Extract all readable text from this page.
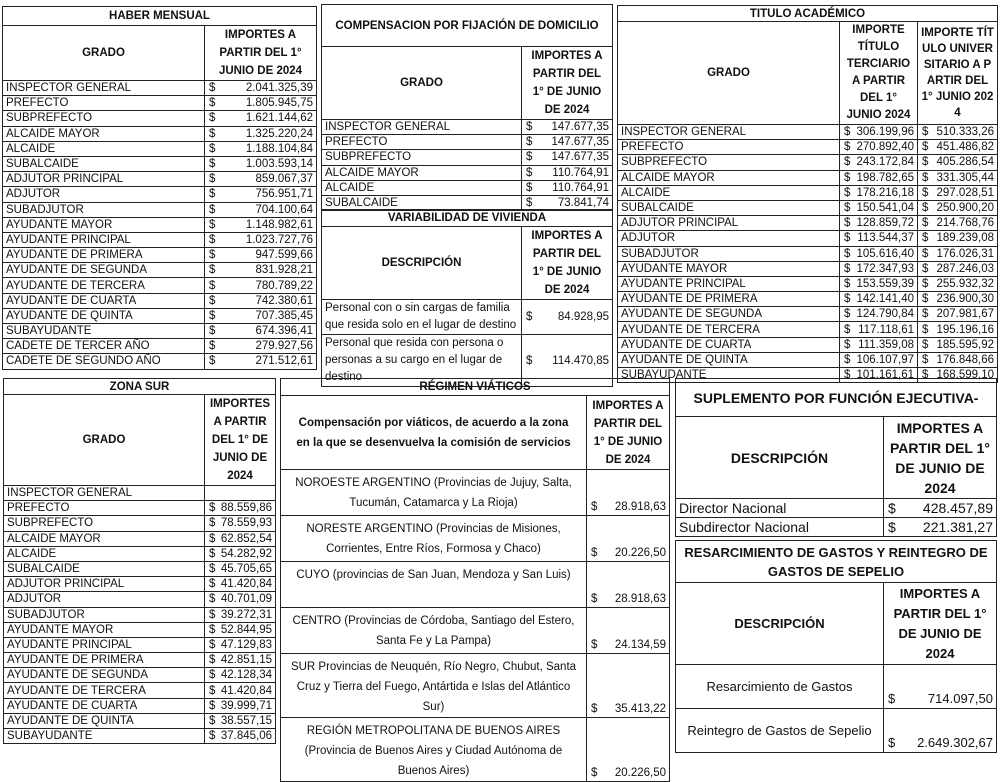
HABER MENSUAL	
GRADO	IMPORTES A PARTIR DEL 1° JUNIO DE 2024
INSPECTOR GENERAL	$ 2.041.325,39
PREFECTO	$ 1.805.945,75
SUBPREFECTO	$ 1.621.144,62
ALCAIDE MAYOR	$ 1.325.220,24
ALCAIDE	$ 1.188.104,84
SUBALCAIDE	$ 1.003.593,14
ADJUTOR PRINCIPAL	$ 859.067,37
ADJUTOR	$ 756.951,71
SUBADJUTOR	$ 704.100,64
AYUDANTE MAYOR	$ 1.148.982,61
AYUDANTE PRINCIPAL	$ 1.023.727,76
AYUDANTE DE PRIMERA	$ 947.599,66
AYUDANTE DE SEGUNDA	$ 831.928,21
AYUDANTE DE TERCERA	$ 780.789,22
AYUDANTE DE CUARTA	$ 742.380,61
AYUDANTE DE QUINTA	$ 707.385,45
SUBAYUDANTE	$ 674.396,41
CADETE DE TERCER AÑO	$ 279.927,56
CADETE DE SEGUNDO AÑO	$ 271.512,61
COMPENSACION POR FIJACIÓN DE DOMICILIO	
GRADO	IMPORTES A PARTIR DEL 1° DE JUNIO DE 2024
INSPECTOR GENERAL	$ 147.677,35
PREFECTO	$ 147.677,35
SUBPREFECTO	$ 147.677,35
ALCAIDE MAYOR	$ 110.764,91
ALCAIDE	$ 110.764,91
SUBALCAIDE	$ 73.841,74
VARIABILIDAD DE VIVIENDA	
DESCRIPCIÓN	IMPORTES A PARTIR DEL 1° DE JUNIO DE 2024
Personal con o sin cargas de familia que resida solo en el lugar de destino	$ 84.928,95
Personal que resida con persona o personas a su cargo en el lugar de destino	$ 114.470,85
TITULO ACADÉMICO		
GRADO	IMPORTE TÍTULO TERCIARIO A PARTIR DEL 1° JUNIO 2024	IMPORTE TÍTULO UNIVERSITARIO A PARTIR DEL 1° JUNIO 2024
INSPECTOR GENERAL	$ 306.199,96	$ 510.333,26
PREFECTO	$ 270.892,40	$ 451.486,82
SUBPREFECTO	$ 243.172,84	$ 405.286,54
ALCAIDE MAYOR	$ 198.782,65	$ 331.305,44
ALCAIDE	$ 178.216,18	$ 297.028,51
SUBALCAIDE	$ 150.541,04	$ 250.900,20
ADJUTOR PRINCIPAL	$ 128.859,72	$ 214.768,76
ADJUTOR	$ 113.544,37	$ 189.239,08
SUBADJUTOR	$ 105.616,40	$ 176.026,31
AYUDANTE MAYOR	$ 172.347,93	$ 287.246,03
AYUDANTE PRINCIPAL	$ 153.559,39	$ 255.932,32
AYUDANTE DE PRIMERA	$ 142.141,40	$ 236.900,30
AYUDANTE DE SEGUNDA	$ 124.790,84	$ 207.981,67
AYUDANTE DE TERCERA	$ 117.118,61	$ 195.196,16
AYUDANTE DE CUARTA	$ 111.359,08	$ 185.595,92
AYUDANTE DE QUINTA	$ 106.107,97	$ 176.848,66
SUBAYUDANTE	$ 101.161,61	$ 168.599,10
ZONA SUR	
GRADO	IMPORTES A PARTIR DEL 1° DE JUNIO DE 2024
INSPECTOR GENERAL	
PREFECTO	$ 88.559,86
SUBPREFECTO	$ 78.559,93
ALCAIDE MAYOR	$ 62.852,54
ALCAIDE	$ 54.282,92
SUBALCAIDE	$ 45.705,65
ADJUTOR PRINCIPAL	$ 41.420,84
ADJUTOR	$ 40.701,09
SUBADJUTOR	$ 39.272,31
AYUDANTE MAYOR	$ 52.844,95
AYUDANTE PRINCIPAL	$ 47.129,83
AYUDANTE DE PRIMERA	$ 42.851,15
AYUDANTE DE SEGUNDA	$ 42.128,34
AYUDANTE DE TERCERA	$ 41.420,84
AYUDANTE DE CUARTA	$ 39.999,71
AYUDANTE DE QUINTA	$ 38.557,15
SUBAYUDANTE	$ 37.845,06
RÉGIMEN VIÁTICOS	
Compensación por viáticos, de acuerdo a la zona en la que se desenvuelva la comisión de servicios	IMPORTES A PARTIR DEL 1° DE JUNIO DE 2024
NOROESTE ARGENTINO (Provincias de Jujuy, Salta, Tucumán, Catamarca y La Rioja)	$ 28.918,63
NORESTE ARGENTINO (Provincias de Misiones, Corrientes, Entre Ríos, Formosa y Chaco)	$ 20.226,50
CUYO (provincias de San Juan, Mendoza y San Luis)	$ 28.918,63
CENTRO (Provincias de Córdoba, Santiago del Estero, Santa Fe y La Pampa)	$ 24.134,59
SUR Provincias de Neuquén, Río Negro, Chubut, Santa Cruz y Tierra del Fuego, Antártida e Islas del Atlántico Sur)	$ 35.413,22
REGIÓN METROPOLITANA DE BUENOS AIRES (Provincia de Buenos Aires y Ciudad Autónoma de Buenos Aires)	$ 20.226,50
SUPLEMENTO POR FUNCIÓN EJECUTIVA-	
DESCRIPCIÓN	IMPORTES A PARTIR DEL 1° DE JUNIO DE 2024
Director Nacional	$ 428.457,89
Subdirector Nacional	$ 221.381,27
RESARCIMIENTO DE GASTOS Y REINTEGRO DE GASTOS DE SEPELIO	
DESCRIPCIÓN	IMPORTES A PARTIR DEL 1° DE JUNIO DE 2024
Resarcimiento de Gastos	$ 714.097,50
Reintegro de Gastos de Sepelio	$ 2.649.302,67
